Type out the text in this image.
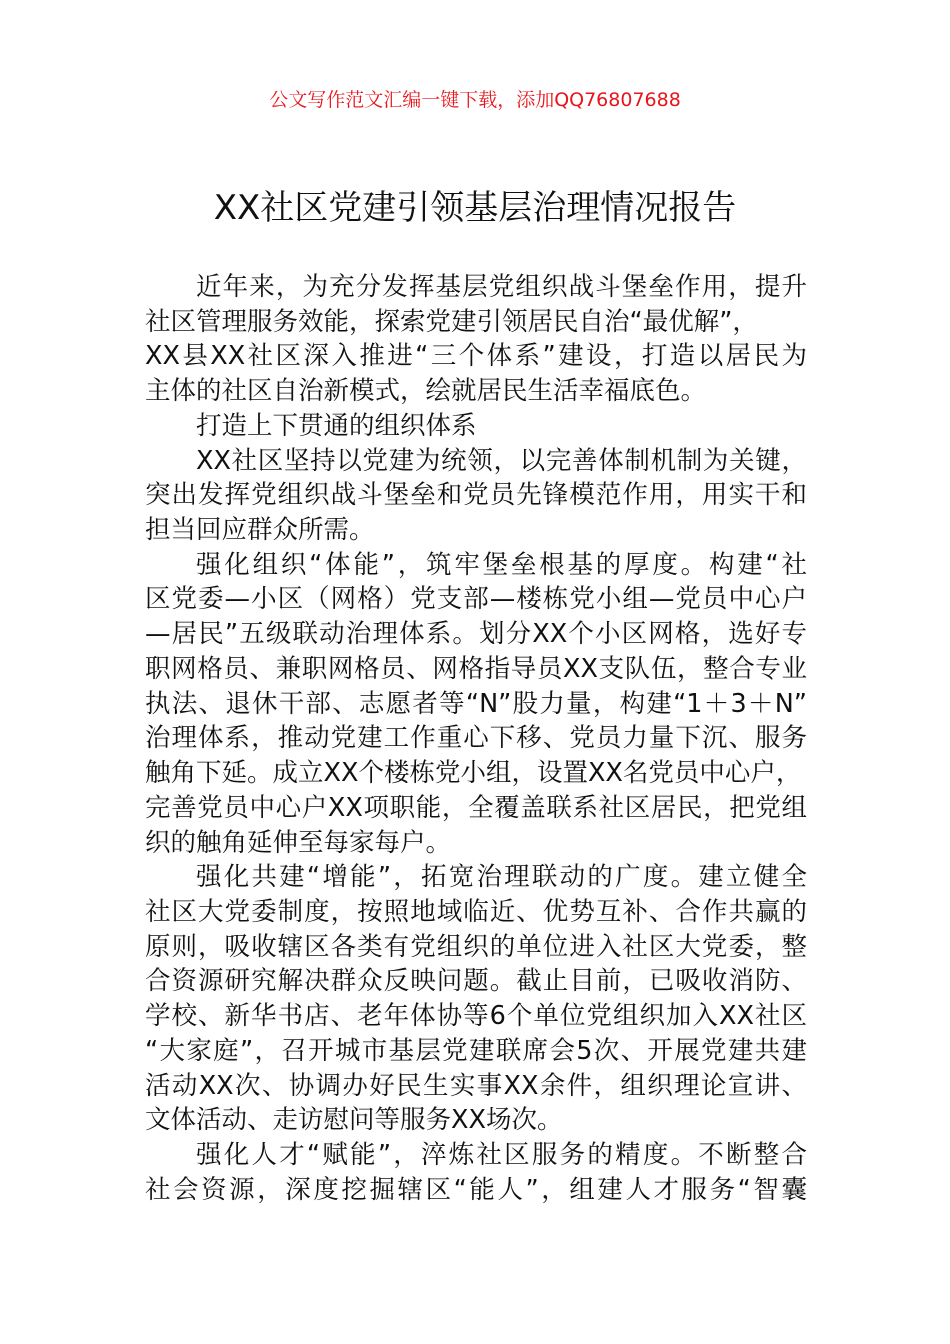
公文写作范文汇编一键下载，添加QQ76807688
XX社区党建引领基层治理情况报告
近年来，为充分发挥基层党组织战斗堡垒作用，提升
社区管理服务效能，探索党建引领居民自治“最优解”，
XX县XX社区深入推进“三个体系”建设，打造以居民为
主体的社区自治新模式，绘就居民生活幸福底色。
打造上下贯通的组织体系
XX社区坚持以党建为统领，以完善体制机制为关键，
突出发挥党组织战斗堡垒和党员先锋模范作用，用实干和
担当回应群众所需。
强化组织“体能”，筑牢堡垒根基的厚度。构建“社
区党委—小区（网格）党支部—楼栋党小组—党员中心户
—居民”五级联动治理体系。划分XX个小区网格，选好专
职网格员、兼职网格员、网格指导员XX支队伍，整合专业
执法、退休干部、志愿者等“N”股力量，构建“1＋3＋N”
治理体系，推动党建工作重心下移、党员力量下沉、服务
触角下延。成立XX个楼栋党小组，设置XX名党员中心户，
完善党员中心户XX项职能，全覆盖联系社区居民，把党组
织的触角延伸至每家每户。
强化共建“增能”，拓宽治理联动的广度。建立健全
社区大党委制度，按照地域临近、优势互补、合作共赢的
原则，吸收辖区各类有党组织的单位进入社区大党委，整
合资源研究解决群众反映问题。截止目前，已吸收消防、
学校、新华书店、老年体协等6个单位党组织加入XX社区
“大家庭”，召开城市基层党建联席会5次、开展党建共建
活动XX次、协调办好民生实事XX余件，组织理论宣讲、
文体活动、走访慰问等服务XX场次。
强化人才“赋能”，淬炼社区服务的精度。不断整合
社会资源，深度挖掘辖区“能人”，组建人才服务“智囊
